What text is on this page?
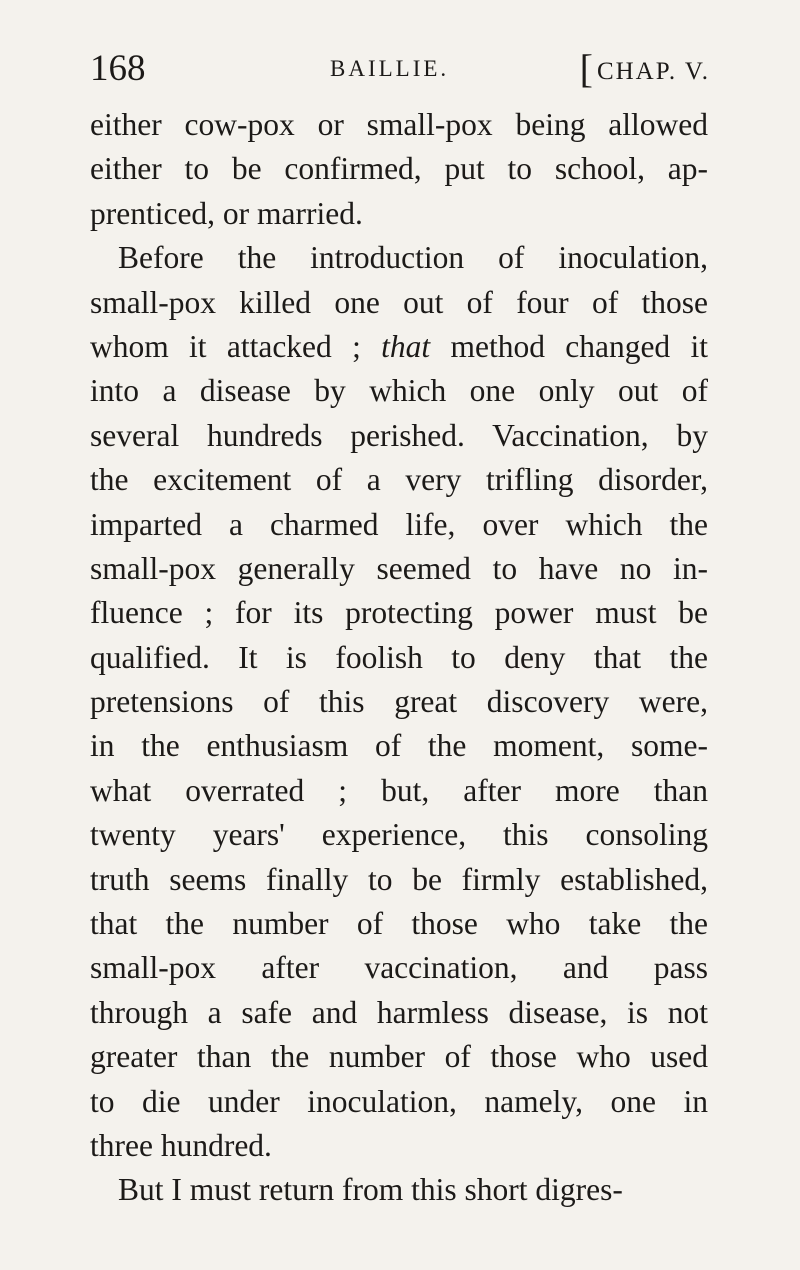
168	BAILLIE.	[CHAP. V.
either cow-pox or small-pox being allowed
either to be confirmed, put to school, ap-
prenticed, or married.
Before the introduction of inoculation,
small-pox killed one out of four of those
whom it attacked ; that method changed it
into a disease by which one only out of
several hundreds perished. Vaccination, by
the excitement of a very trifling disorder,
imparted a charmed life, over which the
small-pox generally seemed to have no in-
fluence ; for its protecting power must be
qualified. It is foolish to deny that the
pretensions of this great discovery were,
in the enthusiasm of the moment, some-
what overrated ; but, after more than
twenty years' experience, this consoling
truth seems finally to be firmly established,
that the number of those who take the
small-pox after vaccination, and pass
through a safe and harmless disease, is not
greater than the number of those who used
to die under inoculation, namely, one in
three hundred.
But I must return from this short digres-
